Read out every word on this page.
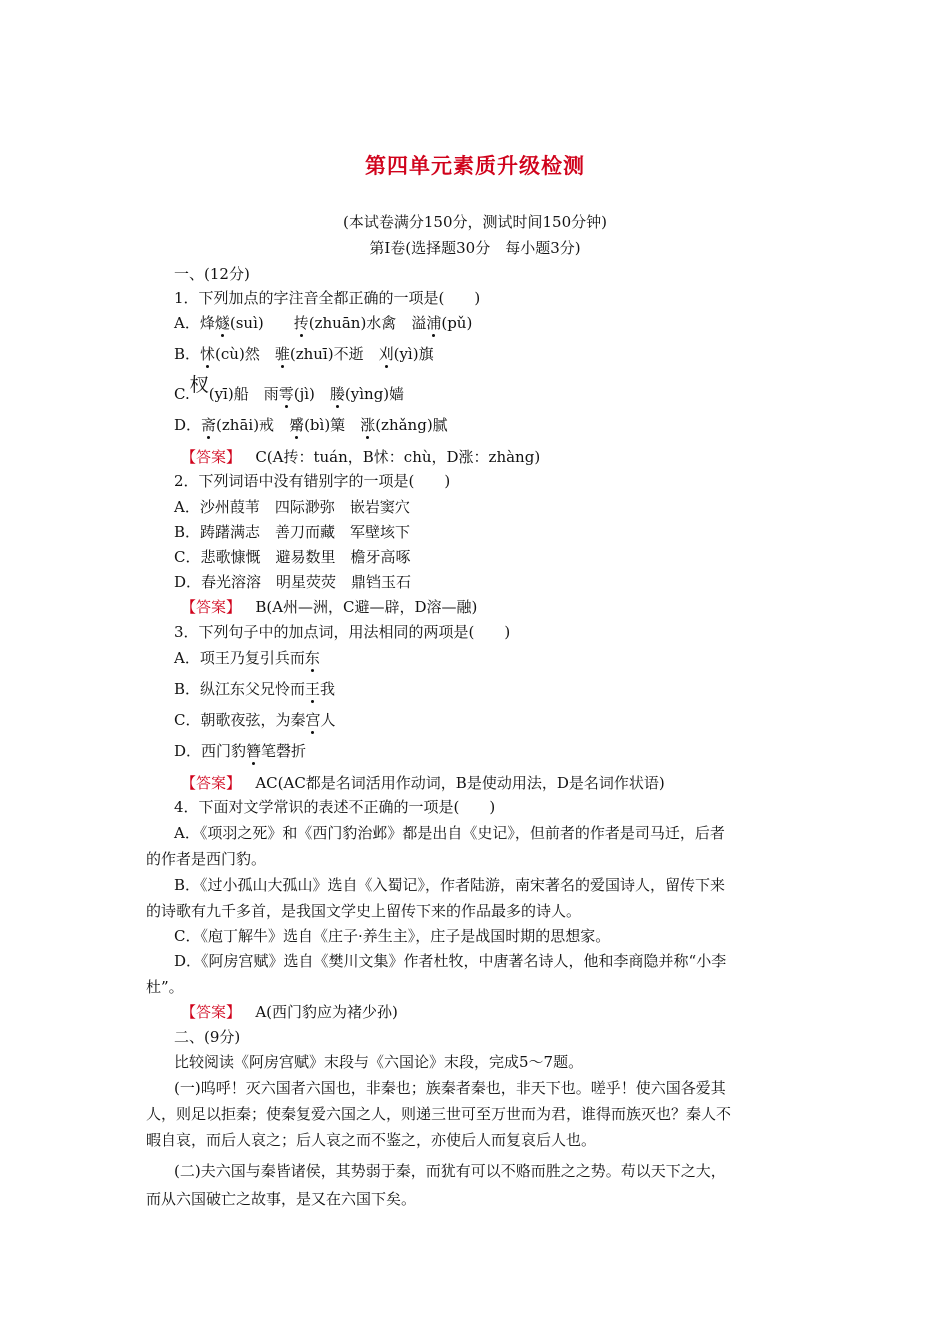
第四单元素质升级检测
(本试卷满分150分，测试时间150分钟)
第Ⅰ卷(选择题30分　每小题3分)
一、(12分)
1．下列加点的字注音全都正确的一项是(　　)
A．烽燧(suì)　　抟(zhuān)水禽　溢浦(pǔ)
B．怵(cù)然　骓(zhuī)不逝　刈(yì)旗
C.杈(yī)船　雨雩(jì)　媵(yìng)嫱
D．斋(zhāi)戒　觱(bì)篥　涨(zhǎng)腻
【答案】 C(A抟：tuán，B怵：chù，D涨：zhàng)
2．下列词语中没有错别字的一项是(　　)
A．沙州葭苇　四际渺弥　嵌岩窦穴
B．踌躇满志　善刀而藏　军壁垓下
C．悲歌慷慨　避易数里　檐牙高啄
D．春光溶溶　明星荧荧　鼎铛玉石
【答案】 B(A州—洲，C避—辟，D溶—融)
3．下列句子中的加点词，用法相同的两项是(　　)
A．项王乃复引兵而东
B．纵江东父兄怜而王我
C．朝歌夜弦，为秦宫人
D．西门豹簪笔磬折
【答案】 AC(AC都是名词活用作动词，B是使动用法，D是名词作状语)
4．下面对文学常识的表述不正确的一项是(　　)
A．《项羽之死》和《西门豹治邺》都是出自《史记》，但前者的作者是司马迁，后者
的作者是西门豹。
B．《过小孤山大孤山》选自《入蜀记》，作者陆游，南宋著名的爱国诗人，留传下来
的诗歌有九千多首，是我国文学史上留传下来的作品最多的诗人。
C．《庖丁解牛》选自《庄子·养生主》，庄子是战国时期的思想家。
D．《阿房宫赋》选自《樊川文集》作者杜牧，中唐著名诗人，他和李商隐并称“小李
杜”。
【答案】 A(西门豹应为褚少孙)
二、(9分)
比较阅读《阿房宫赋》末段与《六国论》末段，完成5～7题。
(一)呜呼！灭六国者六国也，非秦也；族秦者秦也，非天下也。嗟乎！使六国各爱其
人，则足以拒秦；使秦复爱六国之人，则递三世可至万世而为君，谁得而族灭也？秦人不
暇自哀，而后人哀之；后人哀之而不鉴之，亦使后人而复哀后人也。
(二)夫六国与秦皆诸侯，其势弱于秦，而犹有可以不赂而胜之之势。苟以天下之大，
而从六国破亡之故事，是又在六国下矣。
